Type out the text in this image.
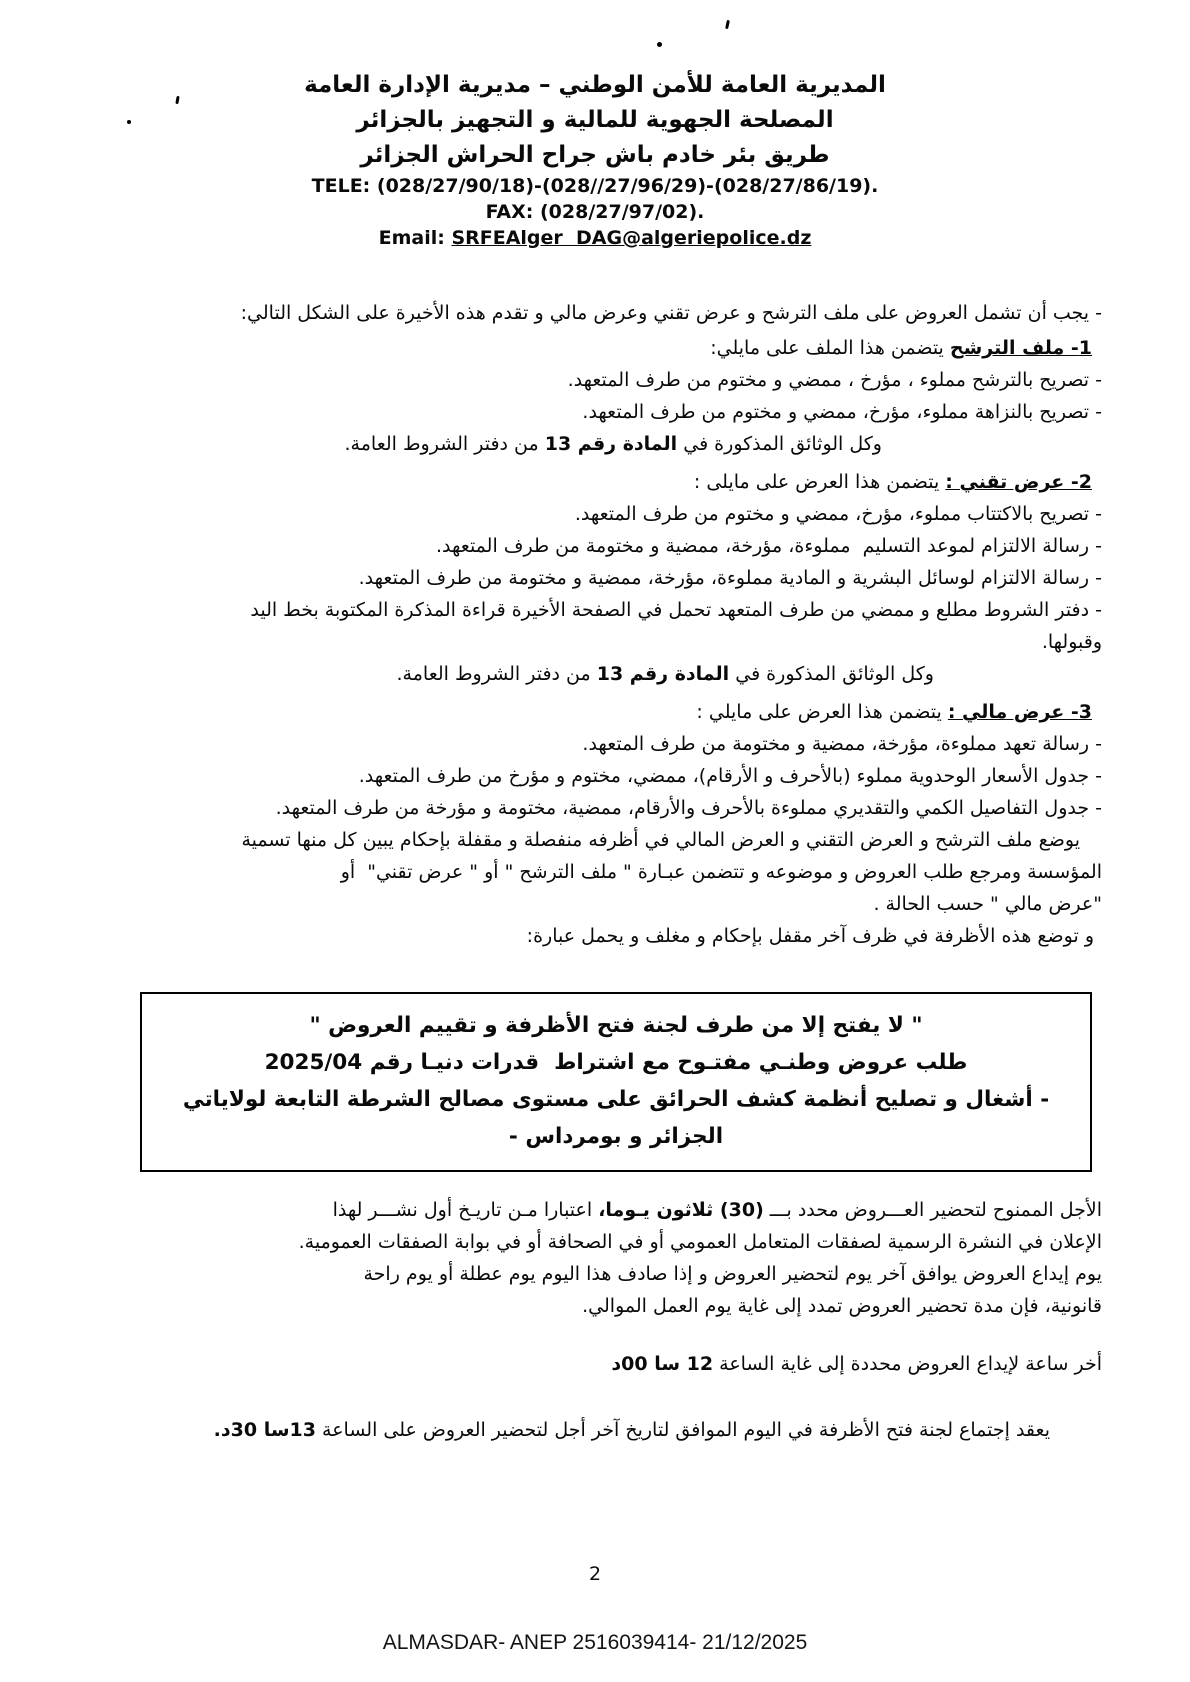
المديرية العامة للأمن الوطني – مديرية الإدارة العامة
المصلحة الجهوية للمالية و التجهيز بالجزائر
طريق بئر خادم باش جراح الحراش الجزائر
TELE: (028/27/90/18)-(028//27/96/29)-(028/27/86/19).
FAX: (028/27/97/02).
Email: SRFEAlger  DAG@algeriepolice.dz

- يجب أن تشمل العروض على ملف الترشح و عرض تقني وعرض مالي و تقدم هذه الأخيرة على الشكل التالي:

1- ملف الترشح يتضمن هذا الملف على مايلي:

- تصريح بالترشح مملوء ، مؤرخ ، ممضي و مختوم من طرف المتعهد.

- تصريح بالنزاهة مملوء، مؤرخ، ممضي و مختوم من طرف المتعهد.

وكل الوثائق المذكورة في المادة رقم 13 من دفتر الشروط العامة.

2- عرض تقني : يتضمن هذا العرض على مايلى :

- تصريح بالاكتتاب مملوء، مؤرخ، ممضي و مختوم من طرف المتعهد.

- رسالة الالتزام لموعد التسليم  مملوءة، مؤرخة، ممضية و مختومة من طرف المتعهد.

- رسالة الالتزام لوسائل البشرية و المادية مملوءة، مؤرخة، ممضية و مختومة من طرف المتعهد.

- دفتر الشروط مطلع و ممضي من طرف المتعهد تحمل في الصفحة الأخيرة قراءة المذكرة المكتوبة بخط اليد

وقبولها.

وكل الوثائق المذكورة في المادة رقم 13 من دفتر الشروط العامة.

3- عرض مالي : يتضمن هذا العرض على مايلي :

- رسالة تعهد مملوءة، مؤرخة، ممضية و مختومة من طرف المتعهد.

- جدول الأسعار الوحدوية مملوء (بالأحرف و الأرقام)، ممضي، مختوم و مؤرخ من طرف المتعهد.

- جدول التفاصيل الكمي والتقديري مملوءة بالأحرف والأرقام، ممضية، مختومة و مؤرخة من طرف المتعهد.

يوضع ملف الترشح و العرض التقني و العرض المالي في أظرفه منفصلة و مقفلة بإحكام يبين كل منها تسمية

المؤسسة ومرجع طلب العروض و موضوعه و تتضمن عبـارة " ملف الترشح " أو " عرض تقني"  أو

"عرض مالي " حسب الحالة .

و توضع هذه الأظرفة في ظرف آخر مقفل بإحكام و مغلف و يحمل عبارة:

" لا يفتح إلا من طرف لجنة فتح الأظرفة و تقييم العروض "
طلب عروض وطنـي مفتـوح مع اشتراط  قدرات دنيـا رقم 2025/04
- أشغال و تصليح أنظمة كشف الحرائق على مستوى مصالح الشرطة التابعة لولاياتي
الجزائر و بومرداس -

الأجل الممنوح لتحضير العـــروض محدد بـــ (30) ثلاثون يـوما، اعتبارا مـن تاريـخ أول نشـــر لهذا

الإعلان في النشرة الرسمية لصفقات المتعامل العمومي أو في الصحافة أو في بوابة الصفقات العمومية.

يوم إيداع العروض يوافق آخر يوم لتحضير العروض و إذا صادف هذا اليوم يوم عطلة أو يوم راحة

قانونية، فإن مدة تحضير العروض تمدد إلى غاية يوم العمل الموالي.

أخر ساعة لإيداع العروض محددة إلى غاية الساعة 12 سا 00د

يعقد إجتماع لجنة فتح الأظرفة في اليوم الموافق لتاريخ آخر أجل لتحضير العروض على الساعة 13سا 30د.

2
ALMASDAR- ANEP 2516039414- 21/12/2025
